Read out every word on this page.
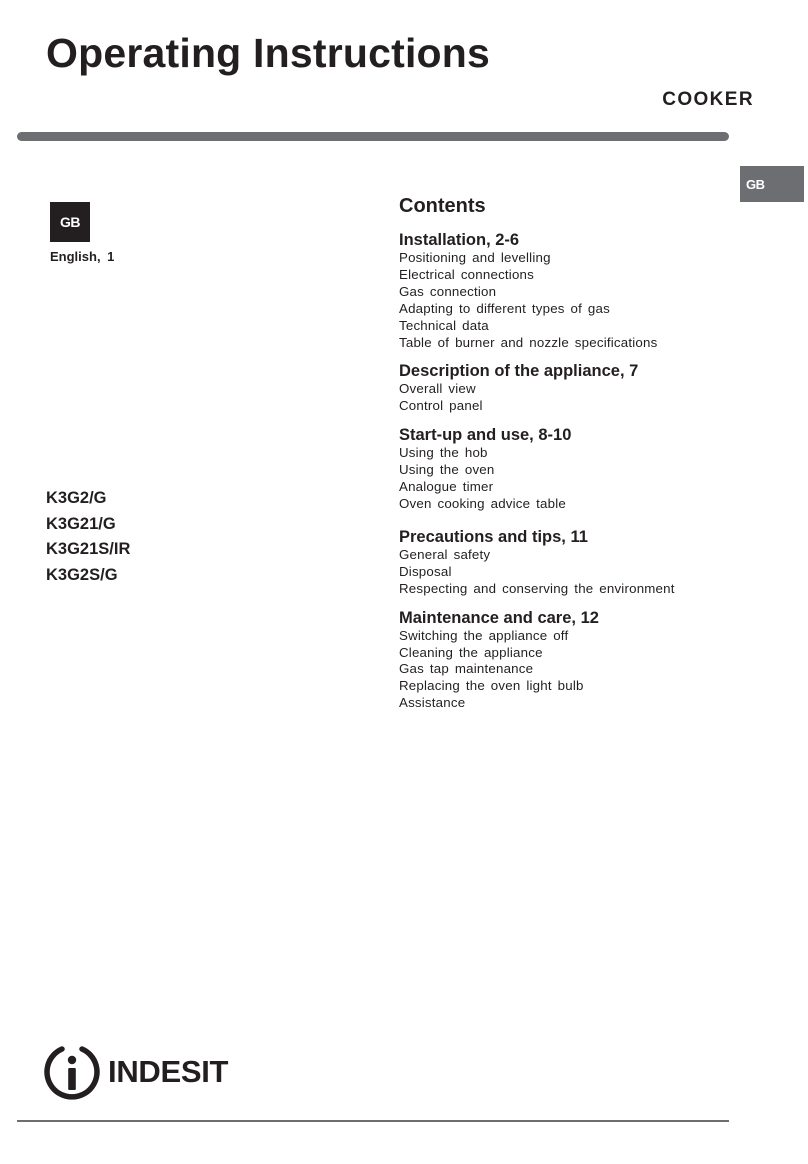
Operating Instructions
COOKER
GB
GB
English, 1
K3G2/G
K3G21/G
K3G21S/IR
K3G2S/G
Contents
Installation, 2-6
Positioning and levelling
Electrical connections
Gas connection
Adapting to different types of gas
Technical data
Table of burner and nozzle specifications
Description of the appliance, 7
Overall view
Control panel
Start-up and use, 8-10
Using the hob
Using the oven
Analogue timer
Oven cooking advice table
Precautions and tips, 11
General safety
Disposal
Respecting and conserving the environment
Maintenance and care, 12
Switching the appliance off
Cleaning the appliance
Gas tap maintenance
Replacing the oven light bulb
Assistance
INDESIT
